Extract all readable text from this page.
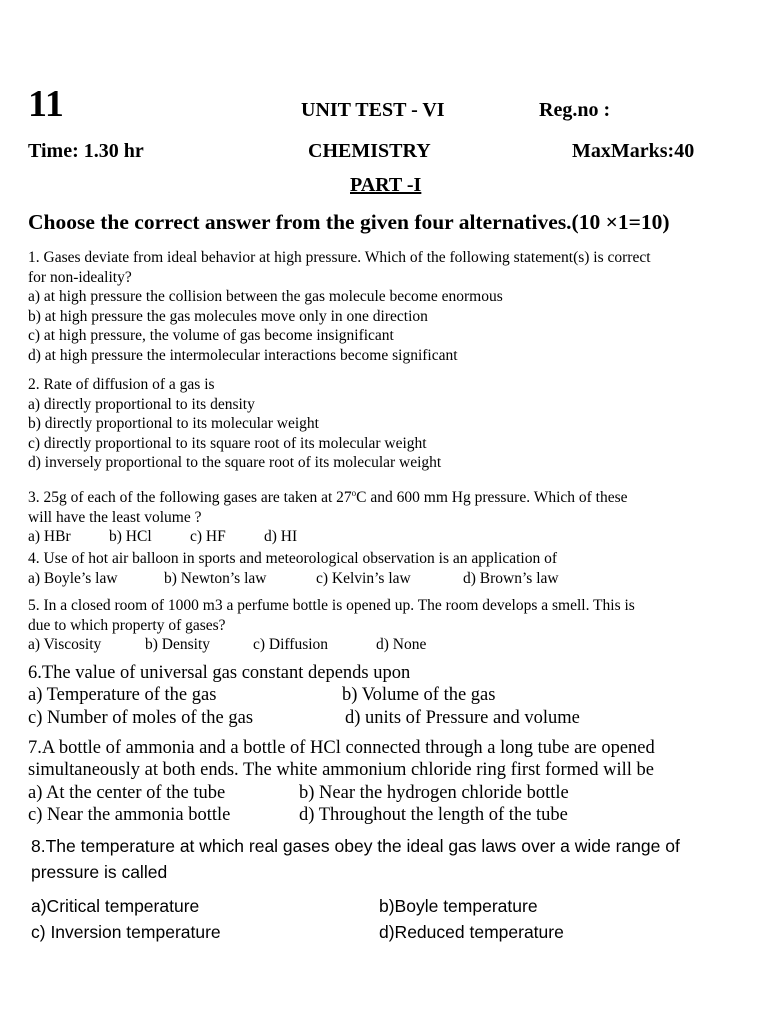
11	UNIT TEST - VI	Reg.no :
Time: 1.30 hr	CHEMISTRY	MaxMarks:40
PART -I
Choose the correct answer from the given four alternatives.(10 ×1=10)
1. Gases deviate from ideal behavior at high pressure. Which of the following statement(s) is correct
for non-ideality?
a) at high pressure the collision between the gas molecule become enormous
b) at high pressure the gas molecules move only in one direction
c) at high pressure, the volume of gas become insignificant
d) at high pressure the intermolecular interactions become significant
2. Rate of diffusion of a gas is
a) directly proportional to its density
b) directly proportional to its molecular weight
c) directly proportional to its square root of its molecular weight
d) inversely proportional to the square root of its molecular weight
3. 25g of each of the following gases are taken at 27$^o$C and 600 mm Hg pressure. Which of these
will have the least volume ?
a) HBr b) HCl c) HF d) HI
4. Use of hot air balloon in sports and meteorological observation is an application of
a) Boyle’s law	b) Newton’s law	c) Kelvin’s law	d) Brown’s law
5. In a closed room of 1000 m3 a perfume bottle is opened up. The room develops a smell. This is
due to which property of gases?
a) Viscosity	b) Density	c) Diffusion	d) None
6.The value of universal gas constant depends upon
a) Temperature of the gas	b) Volume of the gas
c) Number of moles of the gas	d) units of Pressure and volume
7.A bottle of ammonia and a bottle of HCl connected through a long tube are opened
simultaneously at both ends. The white ammonium chloride ring first formed will be
a) At the center of the tube	b) Near the hydrogen chloride bottle
c) Near the ammonia bottle	d) Throughout the length of the tube
8.The temperature at which real gases obey the ideal gas laws over a wide range of
pressure is called
a)Critical temperature	b)Boyle temperature
c) Inversion temperature	d)Reduced temperature
